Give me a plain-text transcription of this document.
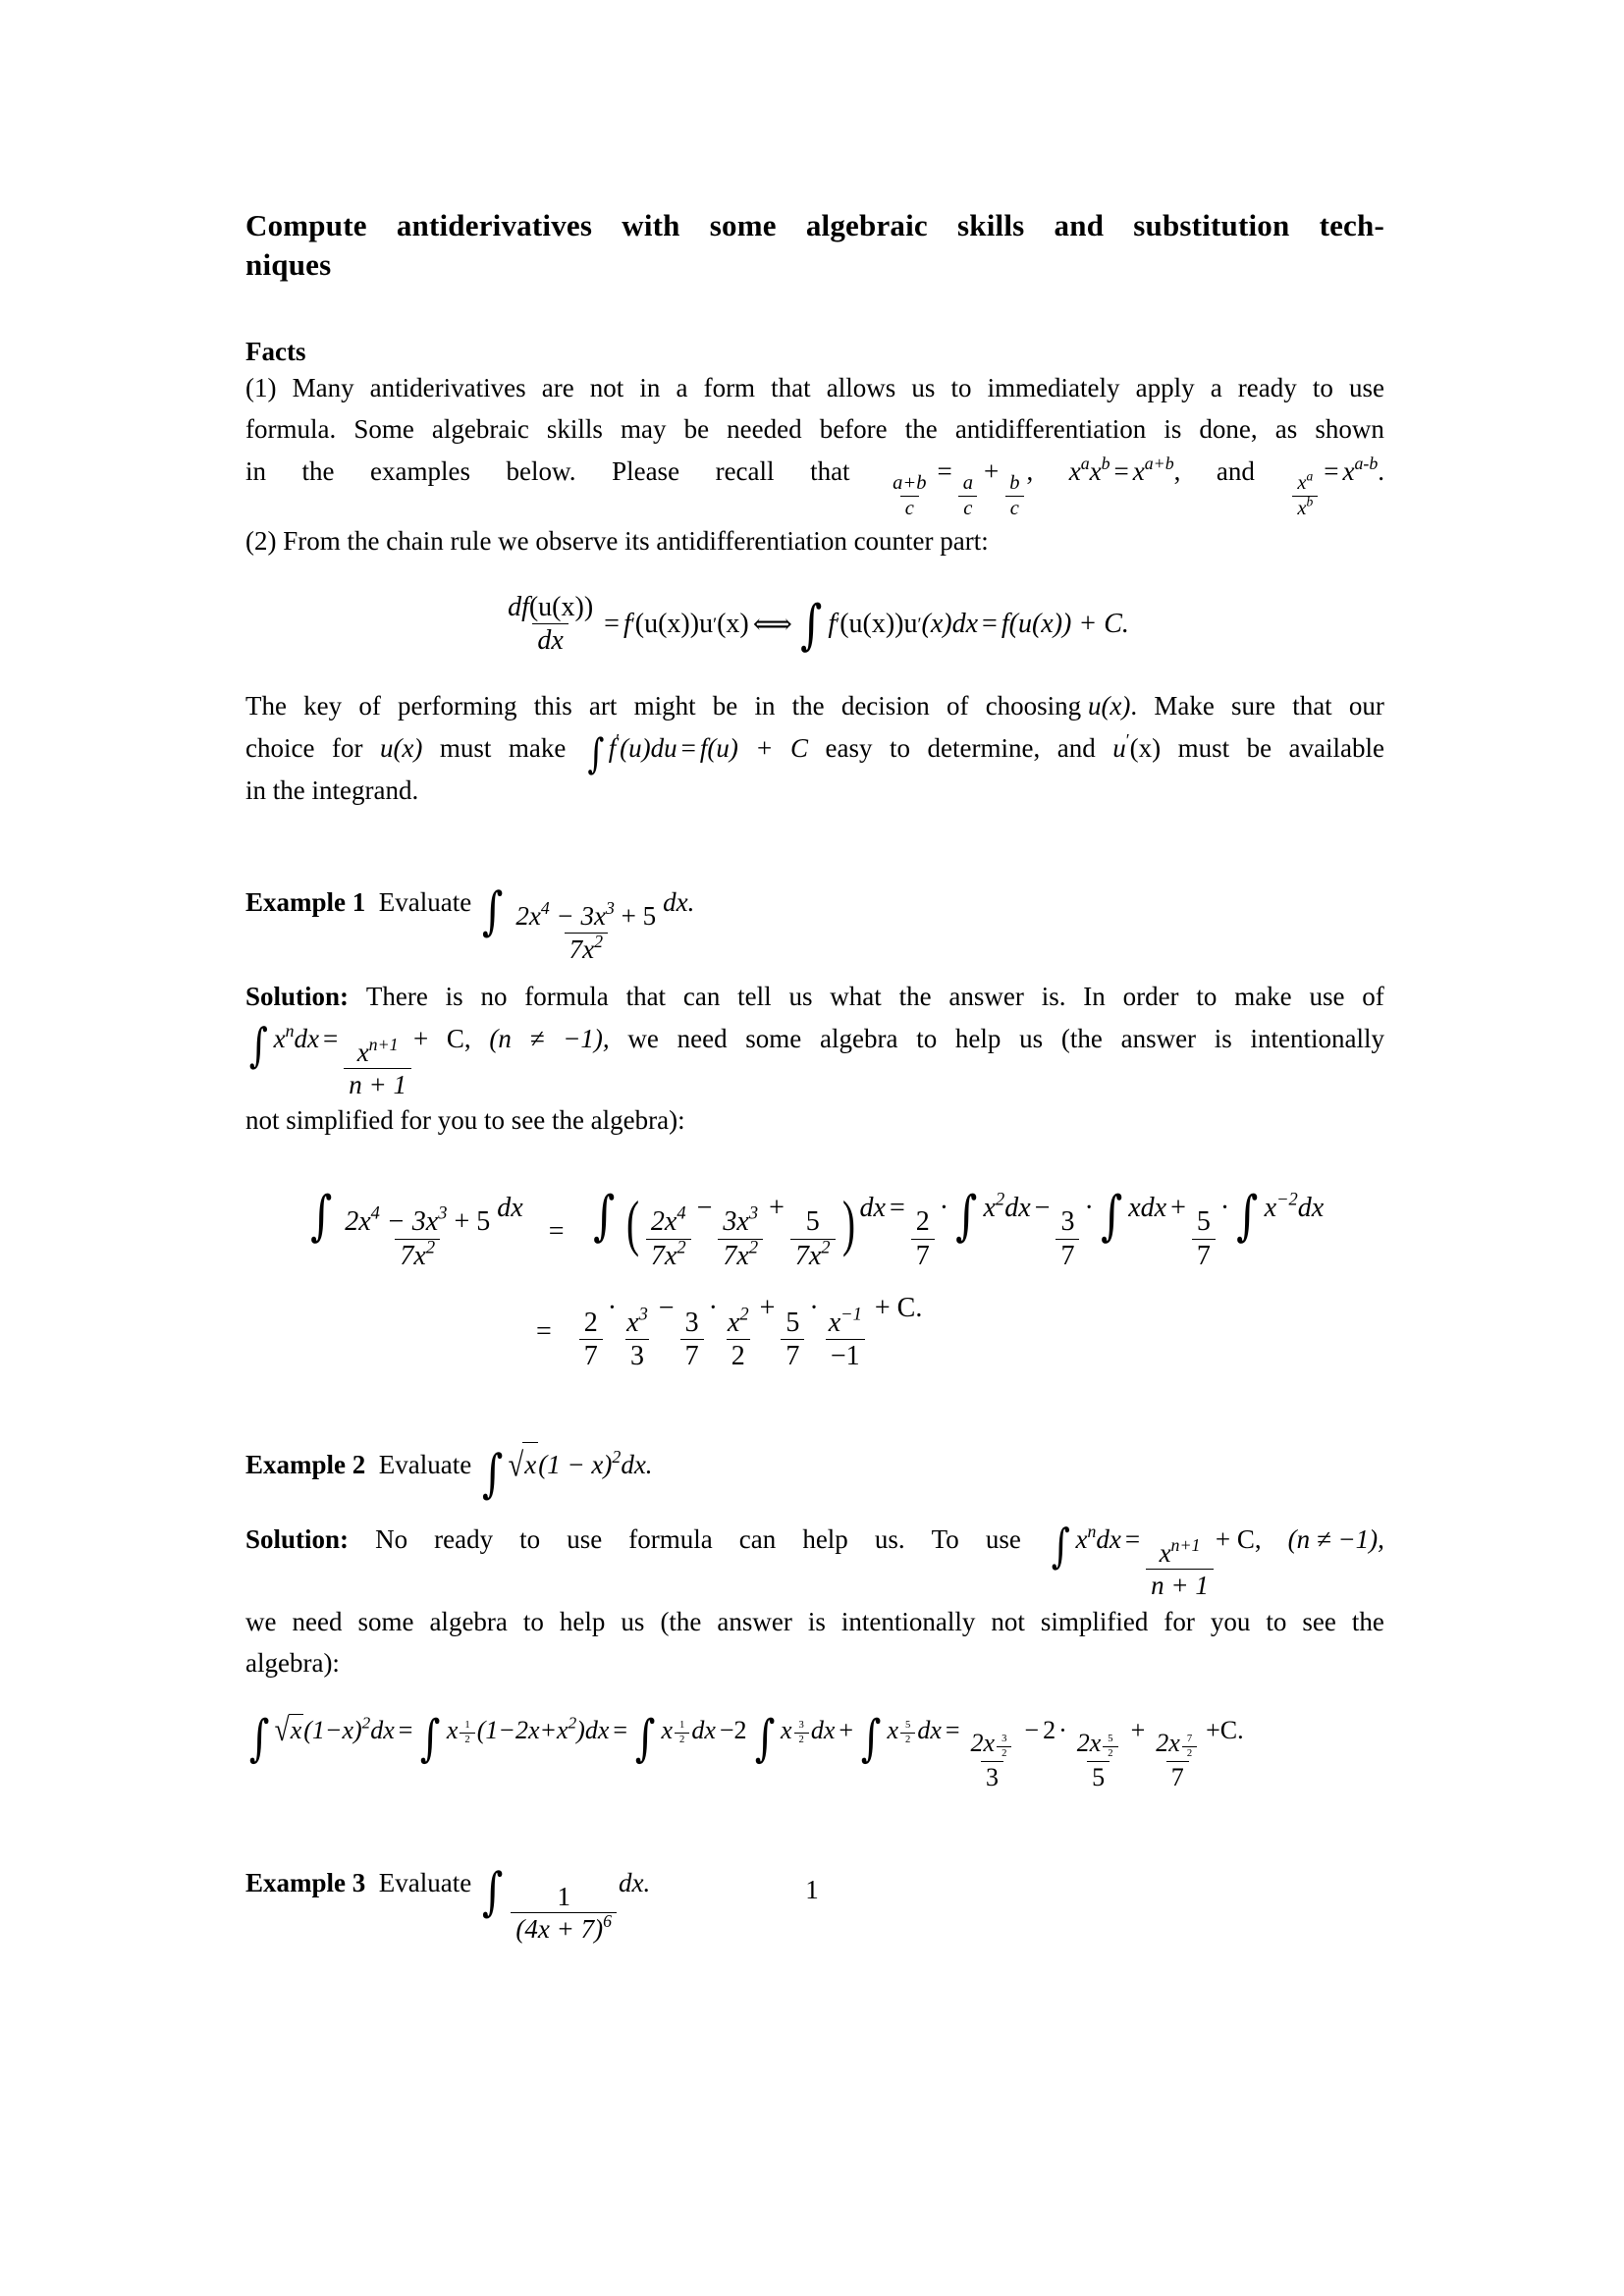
Compute antiderivatives with some algebraic skills and substitution tech-
niques
Facts
(1) Many antiderivatives are not in a form that allows us to immediately apply a ready to use
formula. Some algebraic skills may be needed before the antidifferentiation is done, as shown
in the examples below. Please recall that
$\frac{a+b}{c}$
=
$\frac{a}{c}$
+
$\frac{b}{c}$
, $x^ax^b = x^{a+b}$, and
$\frac{x^a}{x^b}$
= $x^{a-b}$. (2) From the chain rule we observe its antidifferentiation counter part:
$\frac{df(u(x))}{dx} = f$ ′ (u(x))u ′ (x) ⟺ ∫ f ′ (u(x))u ′ (x)dx = f(u(x)) + C.
The key of performing this art might be in the decision of choosing u(x). Make sure that our
choice for u(x) must make ∫ f′(u)du = f(u) + C easy to determine, and u′(x) must be available in the integrand.
Example 1 Evaluate ∫ $\frac{2x^4 - 3x^3 + 5}{7x^2}$ dx.
Solution: There is no formula that can tell us what the answer is. In order to make use of
∫ $x^ndx = \frac{x^{n+1}}{n + 1} + C$, (n ≠ −1), we need some algebra to help us (the answer is intentionally not simplified for you to see the algebra):
∫ $\frac{2x^4 - 3x^3 + 5}{7x^2}$ dx
= ∫ ( $\frac{2x^4}{7x^2} - \frac{3x^3}{7x^2} + \frac{5}{7x^2}$ ) dx = $\frac{2}{7}$ · ∫ $x^2dx - \frac{3}{7}$ · ∫ xdx + $\frac{5}{7}$ · ∫ $x^{-2}dx$
=	$\frac{2}{7} \cdot \frac{x^3}{3} - \frac{3}{7} \cdot \frac{x^2}{2} + \frac{5}{7} \cdot \frac{x^{-1}}{-1} + C$.
Example 2 Evaluate ∫ $√x(1 - x)^2dx$.
Solution: No ready to use formula can help us. To use ∫ $x^ndx = \frac{x^{n+1}}{n + 1} + C$, (n ≠ −1),
we need some algebra to help us (the answer is intentionally not simplified for you to see the
algebra):
∫ $√x(1-x)^2dx$ = ∫ x $^{\frac{1}{2}}$ $(1-2x+x^2)dx$ = ∫ x $^{\frac{1}{2}}$ dx −2 ∫ x $^{\frac{3}{2}}$ dx + ∫ x $^{\frac{5}{2}}$ dx = 2x $^{\frac{3}{2}}$
3 − 2 · 2x $^{\frac{5}{2}}$
5 + 2x $^{\frac{7}{2}}$
7 +C.
Example 3 Evaluate ∫ $\frac{1}{(4x + 7)^6}$ dx.	1
